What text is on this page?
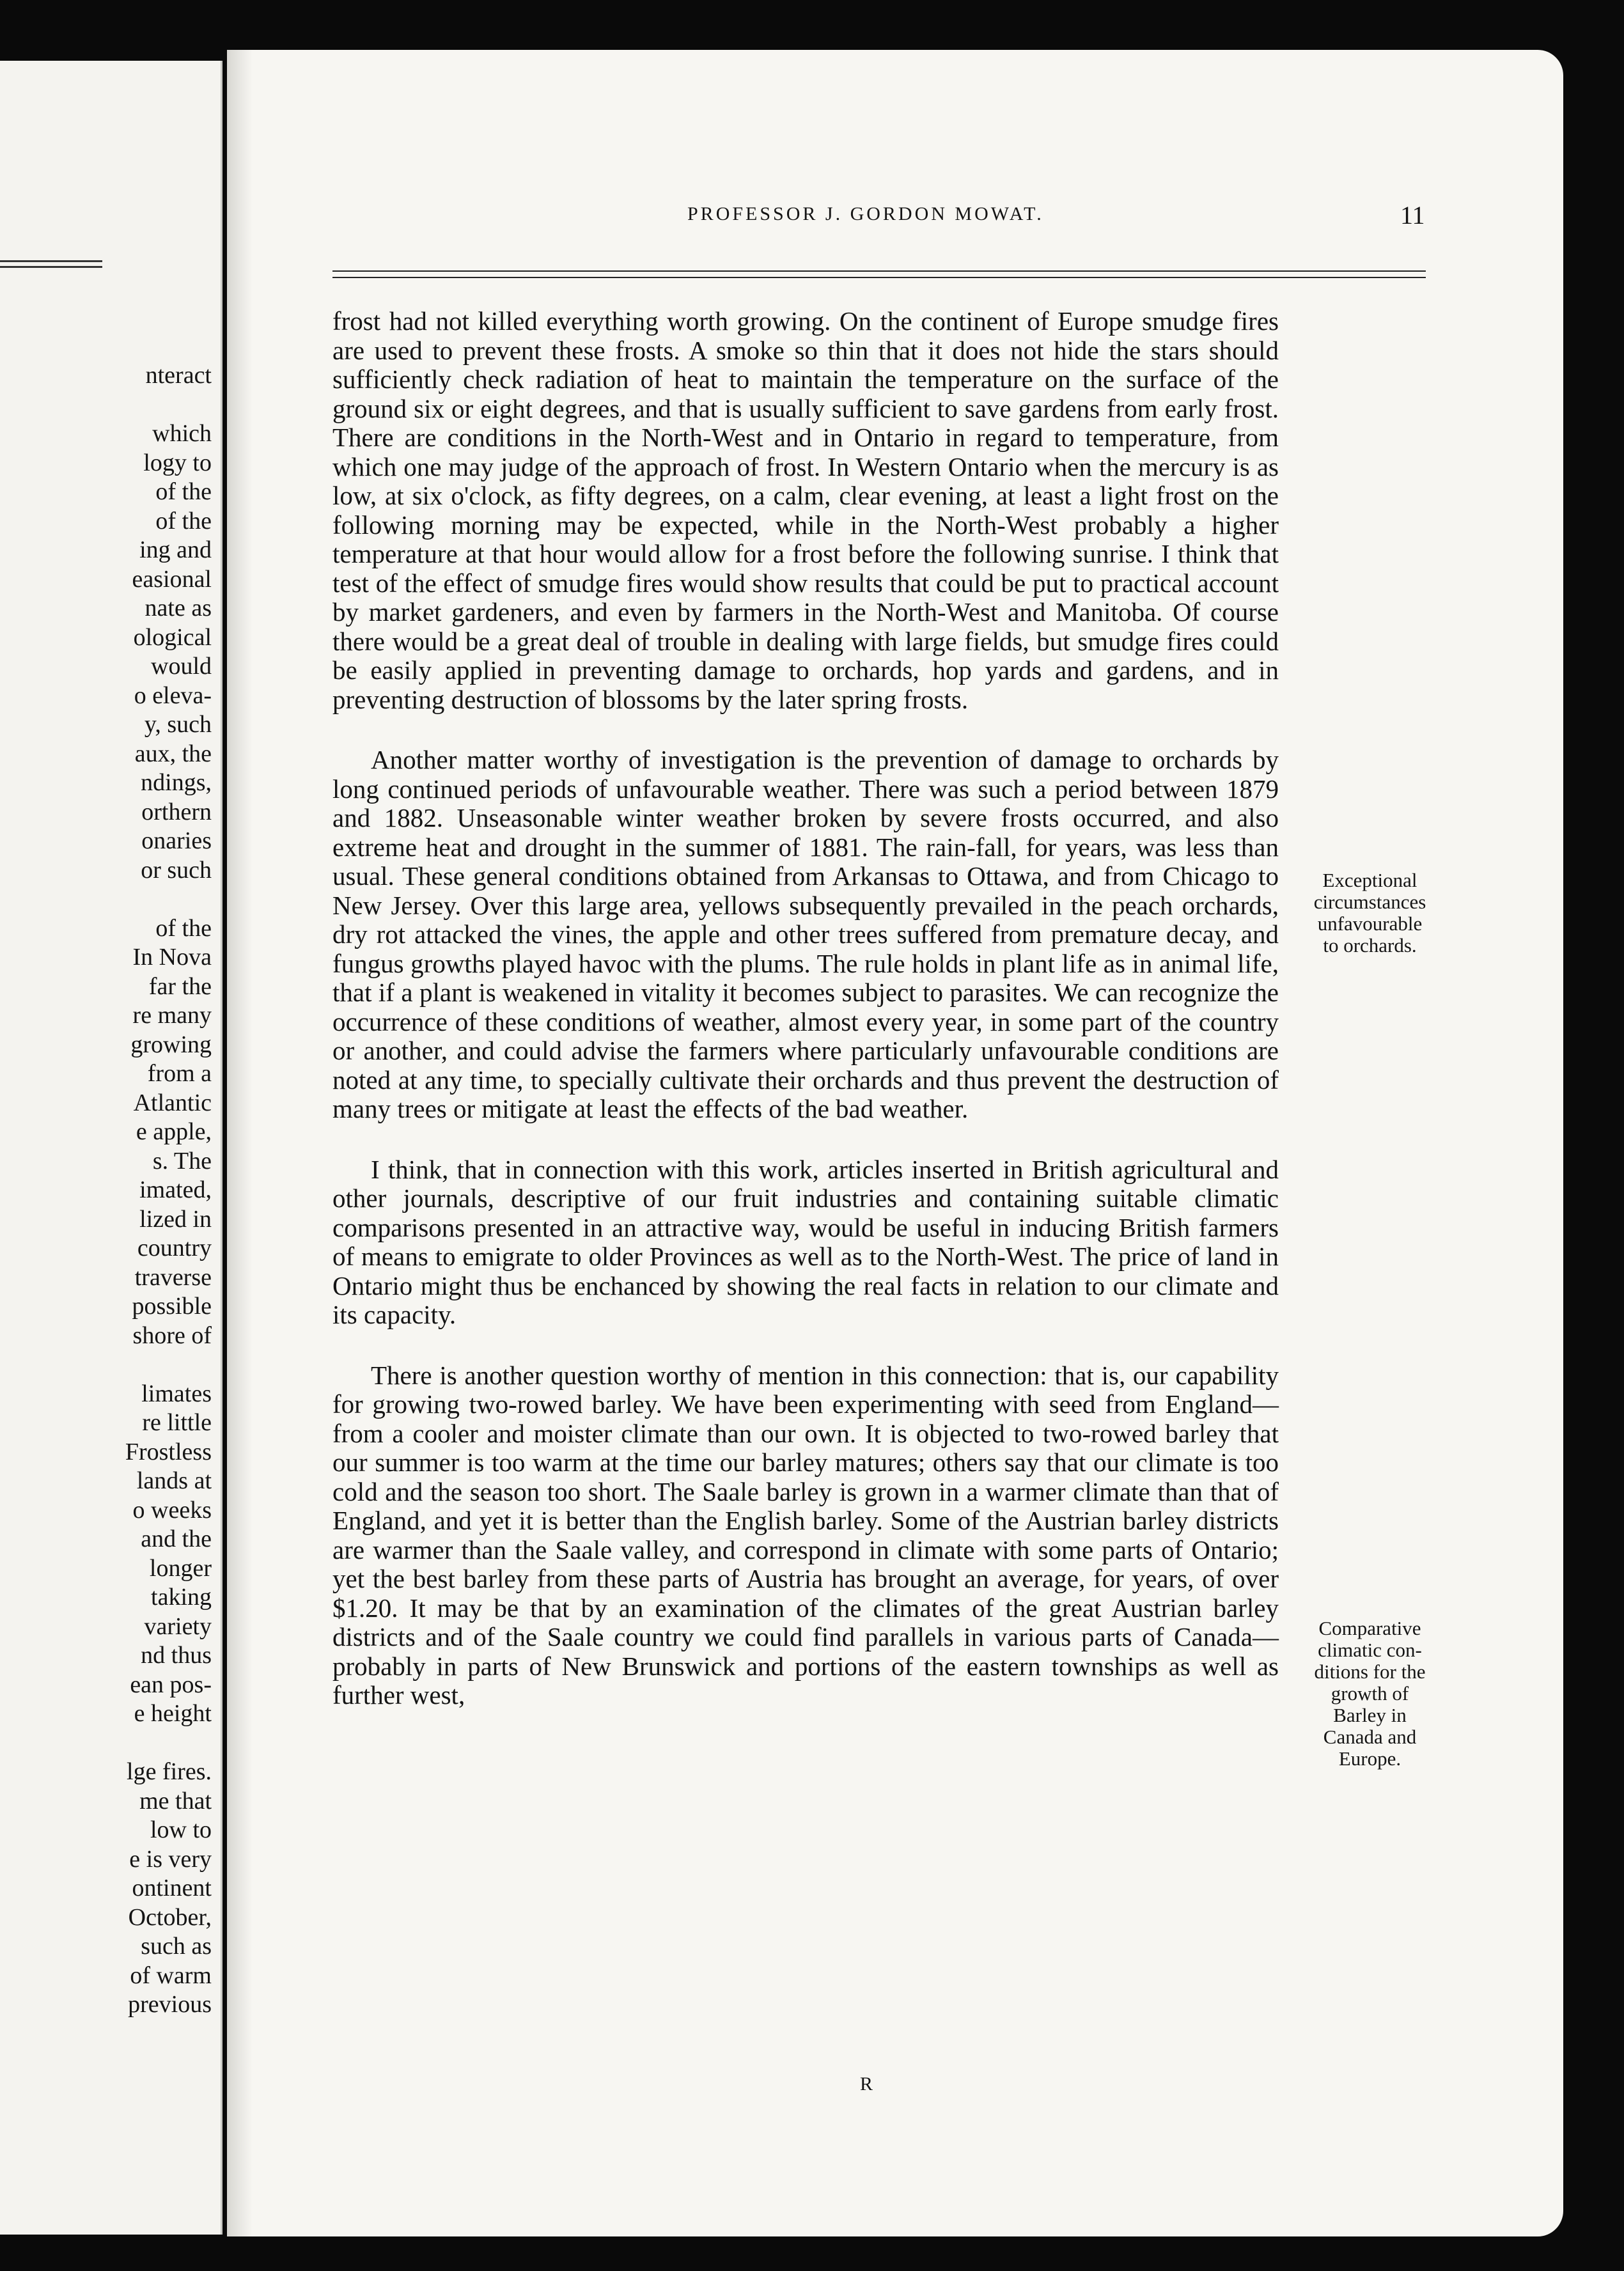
nteract

which
logy to
of the
of the
ing and
easional
nate as
ological
would
o eleva-
y, such
aux, the
ndings,
orthern
onaries
or such

of the
In Nova
far the
re many
growing
from a
Atlantic
e apple,
s. The
imated,
lized in
country
traverse
possible
shore of

limates
re little
Frostless
lands at
o weeks
and the
longer
taking
variety
nd thus
ean pos-
e height

lge fires.
me that
low to
e is very
ontinent
October,
such as
of warm
previous
PROFESSOR J. GORDON MOWAT.	11

frost had not killed everything worth growing. On the continent of Europe smudge fires are used to prevent these frosts. A smoke so thin that it does not hide the stars should sufficiently check radiation of heat to maintain the temperature on the surface of the ground six or eight degrees, and that is usually sufficient to save gardens from early frost. There are conditions in the North-West and in Ontario in regard to temperature, from which one may judge of the approach of frost. In Western Ontario when the mercury is as low, at six o'clock, as fifty degrees, on a calm, clear evening, at least a light frost on the following morning may be expected, while in the North-West probably a higher temperature at that hour would allow for a frost before the following sunrise. I think that test of the effect of smudge fires would show results that could be put to practical account by market gardeners, and even by farmers in the North-West and Manitoba. Of course there would be a great deal of trouble in dealing with large fields, but smudge fires could be easily applied in preventing damage to orchards, hop yards and gardens, and in preventing destruction of blossoms by the later spring frosts.

Another matter worthy of investigation is the prevention of damage to orchards by long continued periods of unfavourable weather. There was such a period between 1879 and 1882. Unseasonable winter weather broken by severe frosts occurred, and also extreme heat and drought in the summer of 1881. The rain-fall, for years, was less than usual. These general conditions obtained from Arkansas to Ottawa, and from Chicago to New Jersey. Over this large area, yellows subsequently prevailed in the peach orchards, dry rot attacked the vines, the apple and other trees suffered from premature decay, and fungus growths played havoc with the plums. The rule holds in plant life as in animal life, that if a plant is weakened in vitality it becomes subject to parasites. We can recognize the occurrence of these conditions of weather, almost every year, in some part of the country or another, and could advise the farmers where particularly unfavourable conditions are noted at any time, to specially cultivate their orchards and thus prevent the destruction of many trees or mitigate at least the effects of the bad weather.

I think, that in connection with this work, articles inserted in British agricultural and other journals, descriptive of our fruit industries and containing suitable climatic comparisons presented in an attractive way, would be useful in inducing British farmers of means to emigrate to older Provinces as well as to the North-West. The price of land in Ontario might thus be enchanced by showing the real facts in relation to our climate and its capacity.

There is another question worthy of mention in this connection: that is, our capability for growing two-rowed barley. We have been experimenting with seed from England—from a cooler and moister climate than our own. It is objected to two-rowed barley that our summer is too warm at the time our barley matures; others say that our climate is too cold and the season too short. The Saale barley is grown in a warmer climate than that of England, and yet it is better than the English barley. Some of the Austrian barley districts are warmer than the Saale valley, and correspond in climate with some parts of Ontario; yet the best barley from these parts of Austria has brought an average, for years, of over $1.20. It may be that by an examination of the climates of the great Austrian barley districts and of the Saale country we could find parallels in various parts of Canada—probably in parts of New Brunswick and portions of the eastern townships as well as further west,

Exceptional
circumstances
unfavourable
to orchards.
Comparative
climatic con-
ditions for the
growth of
Barley in
Canada and
Europe.
R
